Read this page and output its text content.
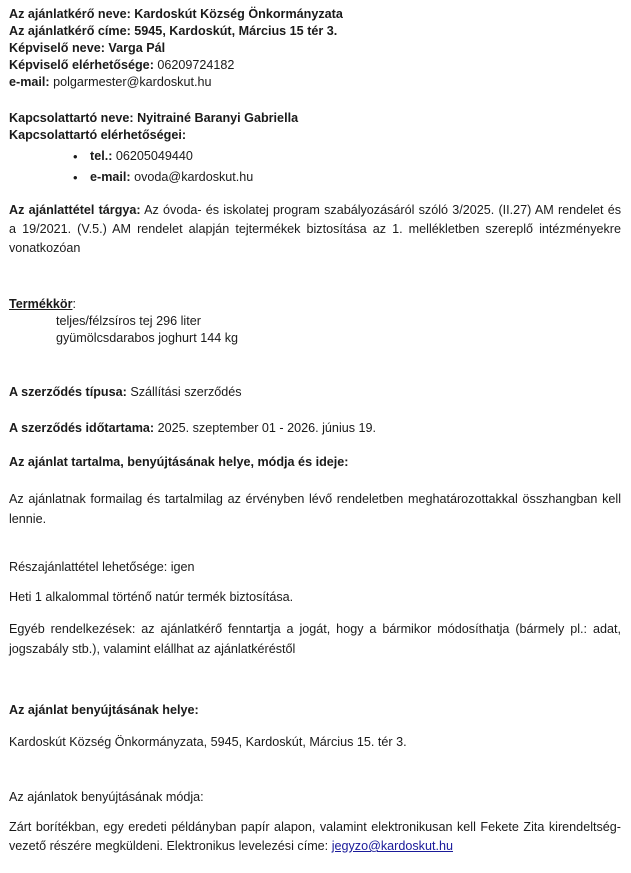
Az ajánlatkérő neve: Kardoskút Község Önkormányzata

Az ajánlatkérő címe: 5945, Kardoskút, Március 15 tér 3.

Képviselő neve: Varga Pál

Képviselő elérhetősége: 06209724182

e-mail: polgarmester@kardoskut.hu

Kapcsolattartó neve: Nyitrainé Baranyi Gabriella

Kapcsolattartó elérhetőségei:

• tel.: 06205049440
• e-mail: ovoda@kardoskut.hu

Az ajánlattétel tárgya: Az óvoda- és iskolatej program szabályozásáról szóló 3/2025. (II.27) AM rendelet és a 19/2021. (V.5.) AM rendelet alapján tejtermékek biztosítása az 1. mellékletben szereplő intézményekre vonatkozóan

Termékkör:

teljes/félzsíros tej 296 liter

gyümölcsdarabos joghurt 144 kg

A szerződés típusa: Szállítási szerződés

A szerződés időtartama: 2025. szeptember 01 - 2026. június 19.

Az ajánlat tartalma, benyújtásának helye, módja és ideje:

Az ajánlatnak formailag és tartalmilag az érvényben lévő rendeletben meghatározottakkal összhangban kell lennie.

Részajánlattétel lehetősége: igen

Heti 1 alkalommal történő natúr termék biztosítása.

Egyéb rendelkezések: az ajánlatkérő fenntartja a jogát, hogy a bármikor módosíthatja (bármely pl.: adat, jogszabály stb.), valamint elállhat az ajánlatkéréstől

Az ajánlat benyújtásának helye:

Kardoskút Község Önkormányzata, 5945, Kardoskút, Március 15. tér 3.

Az ajánlatok benyújtásának módja:

Zárt borítékban, egy eredeti példányban papír alapon, valamint elektronikusan kell Fekete Zita kirendeltség-vezető részére megküldeni. Elektronikus levelezési címe: jegyzo@kardoskut.hu
